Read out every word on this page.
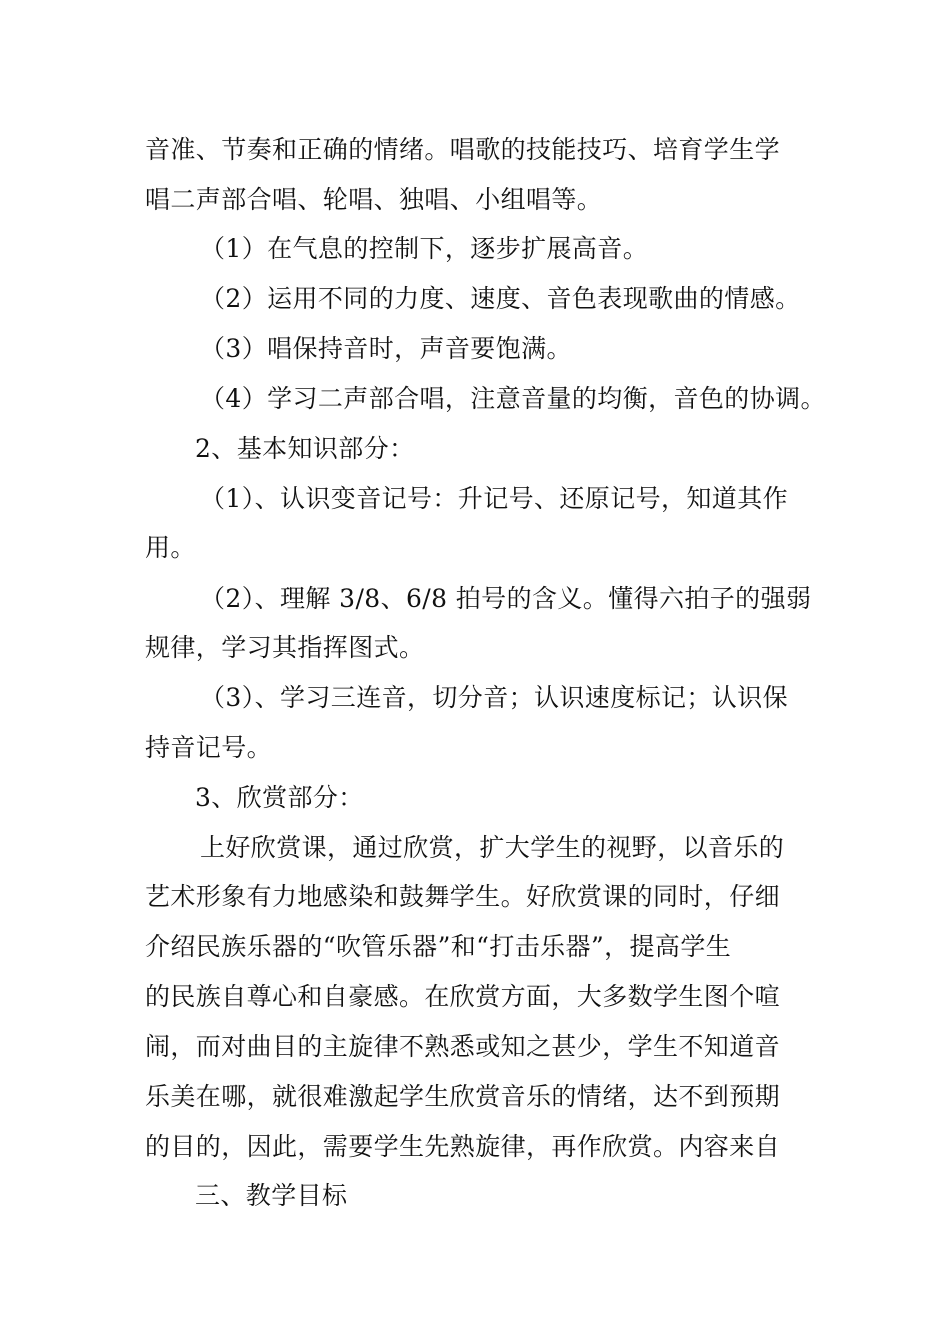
音准、节奏和正确的情绪。唱歌的技能技巧、培育学生学
唱二声部合唱、轮唱、独唱、小组唱等。
（1）在气息的控制下，逐步扩展高音。
（2）运用不同的力度、速度、音色表现歌曲的情感。
（3）唱保持音时，声音要饱满。
（4）学习二声部合唱，注意音量的均衡，音色的协调。
2、基本知识部分：
（1）、认识变音记号：升记号、还原记号，知道其作
用。
（2）、理解 3/8、6/8 拍号的含义。懂得六拍子的强弱
规律，学习其指挥图式。
（3）、学习三连音，切分音；认识速度标记；认识保
持音记号。
3、欣赏部分：
上好欣赏课，通过欣赏，扩大学生的视野，以音乐的
艺术形象有力地感染和鼓舞学生。好欣赏课的同时，仔细
介绍民族乐器的“吹管乐器”和“打击乐器”，提高学生
的民族自尊心和自豪感。在欣赏方面，大多数学生图个喧
闹，而对曲目的主旋律不熟悉或知之甚少，学生不知道音
乐美在哪，就很难激起学生欣赏音乐的情绪，达不到预期
的目的，因此，需要学生先熟旋律，再作欣赏。内容来自
三、教学目标
